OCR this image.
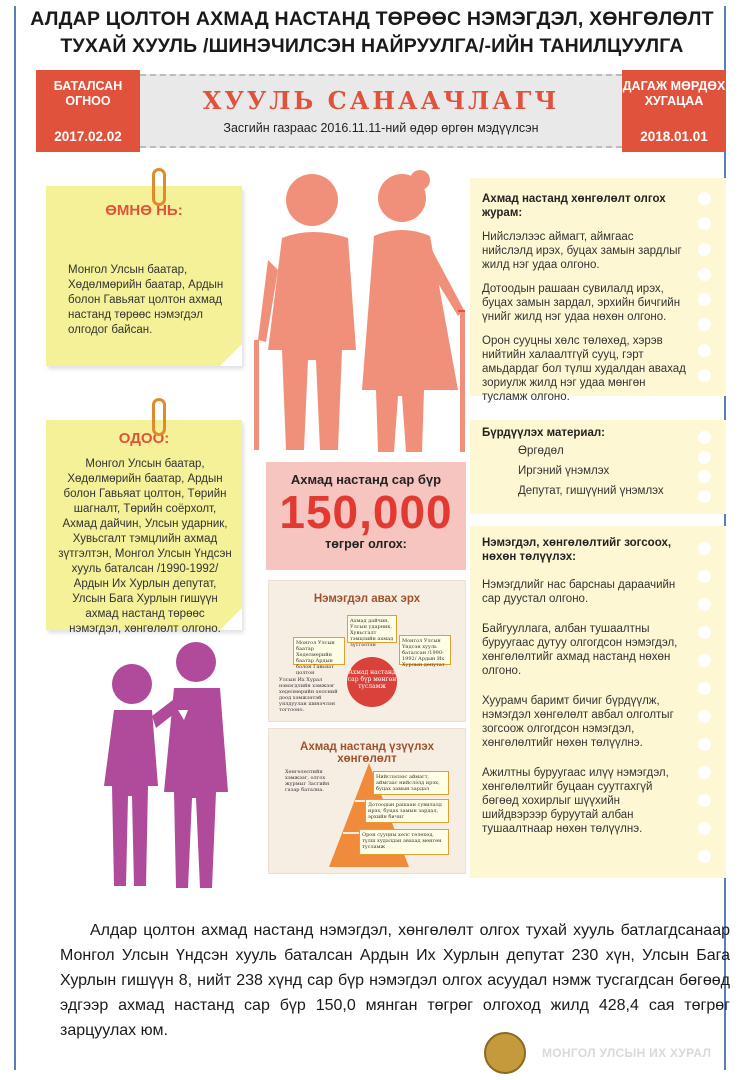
АЛДАР ЦОЛТОН АХМАД НАСТАНД ТӨРӨӨС НЭМЭГДЭЛ, ХӨНГӨЛӨЛТ
ТУХАЙ ХУУЛЬ /ШИНЭЧИЛСЭН НАЙРУУЛГА/-ИЙН ТАНИЛЦУУЛГА
БАТАЛСАН ОГНОО
2017.02.02
ХУУЛЬ САНААЧЛАГЧ
Засгийн газраас 2016.11.11-ний өдөр өргөн мэдүүлсэн
ДАГАЖ МӨРДӨХ ХУГАЦАА
2018.01.01
ӨМНӨ НЬ:
Монгол Улсын баатар, Хөдөлмөрийн баатар, Ардын болон Гавьяат цолтон ахмад настанд төрөөс нэмэгдэл олгодог байсан.
ОДОО:
Монгол Улсын баатар, Хөдөлмөрийн баатар, Ардын болон Гавьяат цолтон, Төрийн шагналт, Төрийн соёрхолт, Ахмад дайчин, Улсын ударник, Хувьсгалт тэмцлийн ахмад зүтгэлтэн, Монгол Улсын Үндсэн хууль баталсан /1990-1992/ Ардын Их Хурлын депутат, Улсын Бага Хурлын гишүүн ахмад настанд төрөөс нэмэгдэл, хөнгөлөлт олгоно.
Ахмад настанд хөнгөлөлт олгох журам:

Нийслэлээс аймагт, аймгаас нийслэлд ирэх, буцах замын зардлыг жилд нэг удаа олгоно.

Дотоодын рашаан сувилалд ирэх, буцах замын зардал, эрхийн бичгийн үнийг жилд нэг удаа нөхөн олгоно.

Орон сууцны хөлс төлөхөд, хэрэв нийтийн халаалтгүй сууц, гэрт амьдардаг бол түлш худалдан авахад зориулж жилд нэг удаа мөнгөн тусламж олгоно.

Бүрдүүлэх материал:

Өргөдөл

Иргэний үнэмлэх

Депутат, гишүүний үнэмлэх

Нэмэгдэл, хөнгөлөлтийг зогсоох, нөхөн төлүүлэх:

Нэмэгдлийг нас барснаы дараачийн сар дуустал олгоно.

Байгууллага, албан тушаалтны буруугаас дутуу олгогдсон нэмэгдэл, хөнгөлөлтийг ахмад настанд нөхөн олгоно.

Хуурамч баримт бичиг бүрдүүлж, нэмэгдэл хөнгөлөлт авбал олголтыг зогсоож олгогдсон нэмэгдэл, хөнгөлөлтийг нөхөн төлүүлнэ.

Ажилтны буруугаас илүү нэмэгдэл, хөнгөлөлтийг буцаан суутгахгүй бөгөөд хохирлыг шүүхийн шийдвэрээр буруутай албан тушаалтнаар нөхөн төлүүлнэ.

Ахмад настанд сар бүр
150,000
төгрөг олгох:
Нэмэгдэл авах эрх
Монгол Улсын баатар Хөдөлмөрийн баатар Ардын болон Гавьяат цолтон
Ахмад дайчин, Улсын ударник, Хувьсгалт тэмцлийн ахмад зүтгэлтэн
Монгол Улсын Үндсэн хууль баталсан /1990-1992/ Ардын Их Хурлын депутат
Ахмад настанд сар бүр мөнгөн тусламж
Улсын Их Хурал нэмэгдлийн хэмжээг хөдөлмөрийн хөлсний доод хэмжээтэй уялдуулан шинэчлэн тогтооно.
Ахмад настанд үзүүлэх хөнгөлөлт
Хөнгөлөлтийн хэмжээг, олгох журмыг Засгийн газар батална.
Нийслэлээс аймагт, аймгаас нийслэлд ирэх, буцах замын зардал
Дотоодын рашаан сувилалд ирэх, буцах замын зардал, эрхийн бичиг
Орон сууцны хөлс төлөхөд, түлш худалдан авахад мөнгөн тусламж
Алдар цолтон ахмад настанд нэмэгдэл, хөнгөлөлт олгох тухай хууль батлагдсанаар Монгол Улсын Үндсэн хууль баталсан Ардын Их Хурлын депутат 230 хүн, Улсын Бага Хурлын гишүүн 8, нийт 238 хүнд сар бүр нэмэгдэл олгох асуудал нэмж тусгагдсан бөгөөд эдгээр ахмад настанд сар бүр 150,0 мянган төгрөг олгоход жилд 428,4 сая төгрөг зарцуулах юм.
МОНГОЛ УЛСЫН ИХ ХУРАЛ
